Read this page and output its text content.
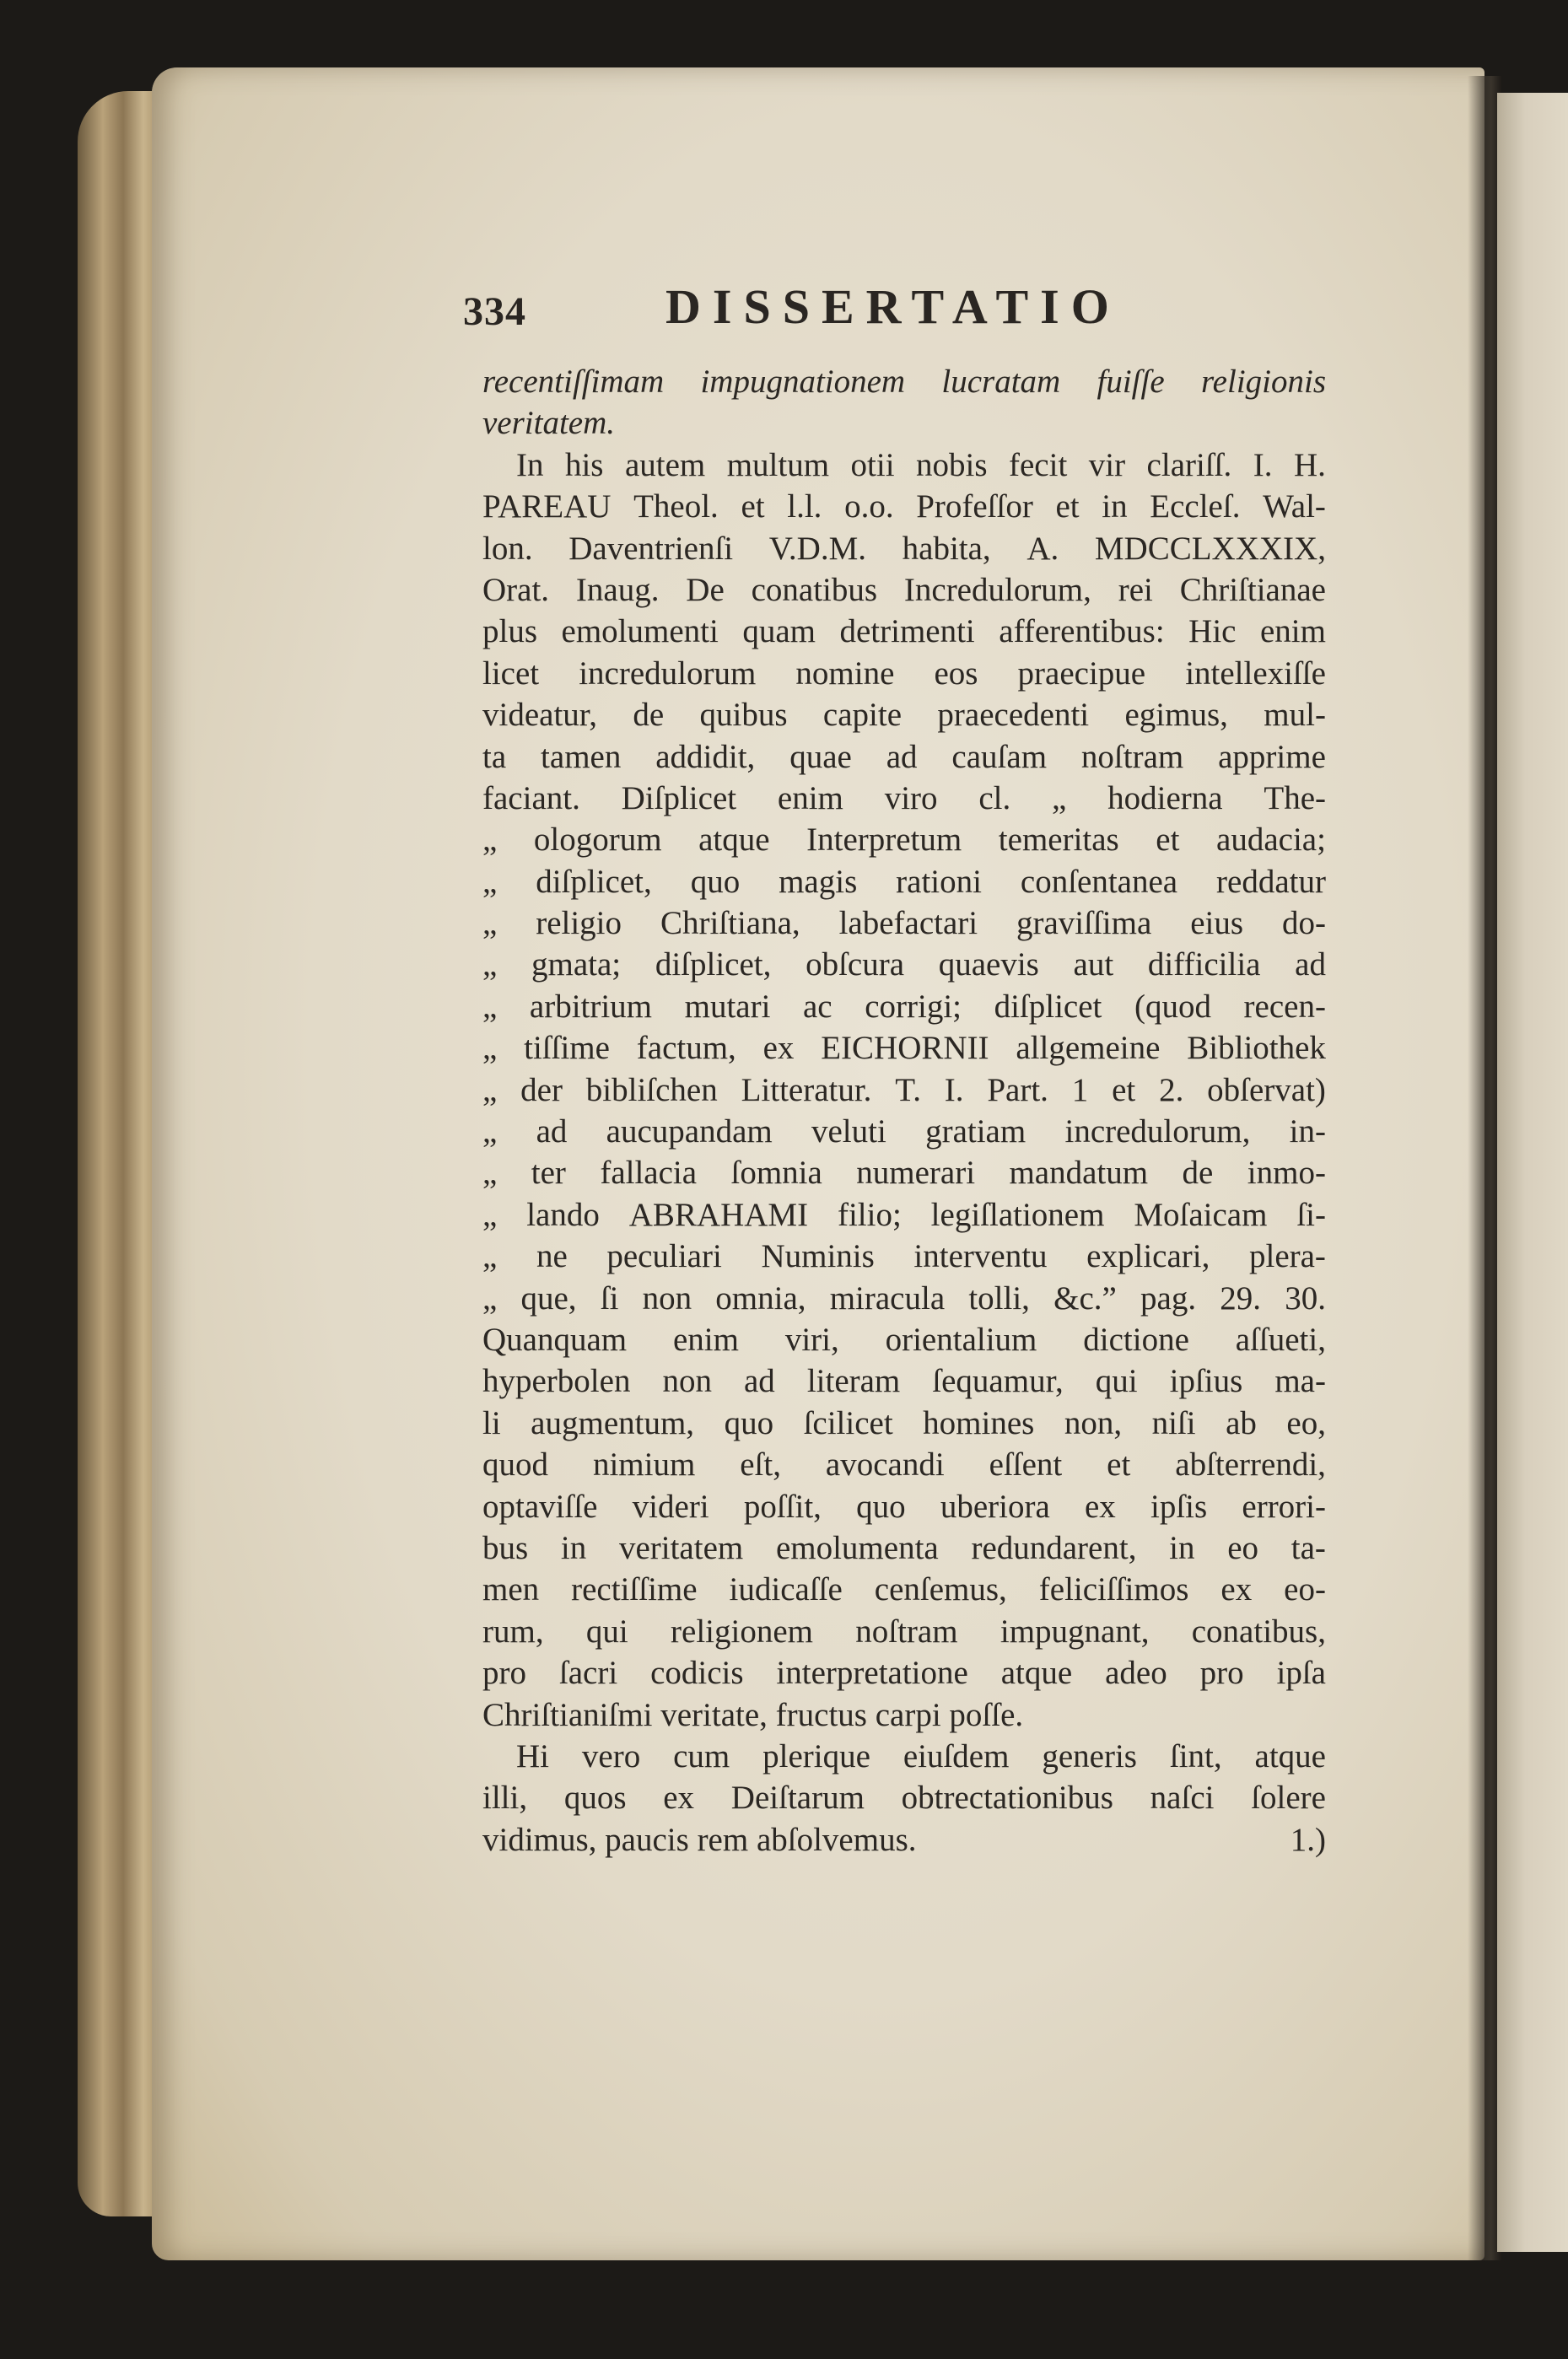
334	DISSERTATIO
recentiſſimam impugnationem lucratam fuiſſe religionis
veritatem.
In his autem multum otii nobis fecit vir clariſſ. I. H.
PAREAU Theol. et l.l. o.o. Profeſſor et in Eccleſ. Wal-
lon. Daventrienſi V.D.M. habita, A. MDCCLXXXIX,
Orat. Inaug. De conatibus Incredulorum, rei Chriſtianae
plus emolumenti quam detrimenti afferentibus: Hic enim
licet incredulorum nomine eos praecipue intellexiſſe
videatur, de quibus capite praecedenti egimus, mul-
ta tamen addidit, quae ad cauſam noſtram apprime
faciant. Diſplicet enim viro cl. „ hodierna The-
„ ologorum atque Interpretum temeritas et audacia;
„ diſplicet, quo magis rationi conſentanea reddatur
„ religio Chriſtiana, labefactari graviſſima eius do-
„ gmata; diſplicet, obſcura quaevis aut difficilia ad
„ arbitrium mutari ac corrigi; diſplicet (quod recen-
„ tiſſime factum, ex EICHORNII allgemeine Bibliothek
„ der bibliſchen Litteratur. T. I. Part. 1 et 2. obſervat)
„ ad aucupandam veluti gratiam incredulorum, in-
„ ter fallacia ſomnia numerari mandatum de inmo-
„ lando ABRAHAMI filio; legiſlationem Moſaicam ſi-
„ ne peculiari Numinis interventu explicari, plera-
„ que, ſi non omnia, miracula tolli, &c.” pag. 29. 30.
Quanquam enim viri, orientalium dictione aſſueti,
hyperbolen non ad literam ſequamur, qui ipſius ma-
li augmentum, quo ſcilicet homines non, niſi ab eo,
quod nimium eſt, avocandi eſſent et abſterrendi,
optaviſſe videri poſſit, quo uberiora ex ipſis errori-
bus in veritatem emolumenta redundarent, in eo ta-
men rectiſſime iudicaſſe cenſemus, feliciſſimos ex eo-
rum, qui religionem noſtram impugnant, conatibus,
pro ſacri codicis interpretatione atque adeo pro ipſa
Chriſtianiſmi veritate, fructus carpi poſſe.
Hi vero cum plerique eiuſdem generis ſint, atque
illi, quos ex Deiſtarum obtrectationibus naſci ſolere
vidimus, paucis rem abſolvemus.	1.)
